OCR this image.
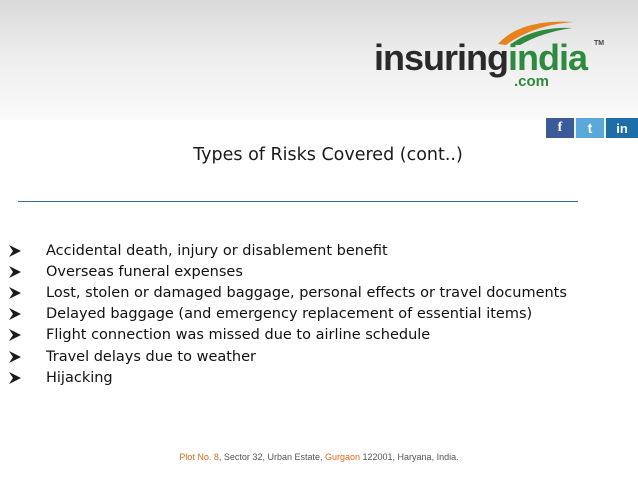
insuringindia TM
.com
f	t	in
Types of Risks Covered (cont..)
Accidental death, injury or disablement benefit
Overseas funeral expenses
Lost, stolen or damaged baggage, personal effects or travel documents
Delayed baggage (and emergency replacement of essential items)
Flight connection was missed due to airline schedule
Travel delays due to weather
Hijacking
Plot No. 8, Sector 32, Urban Estate, Gurgaon 122001, Haryana, India.
